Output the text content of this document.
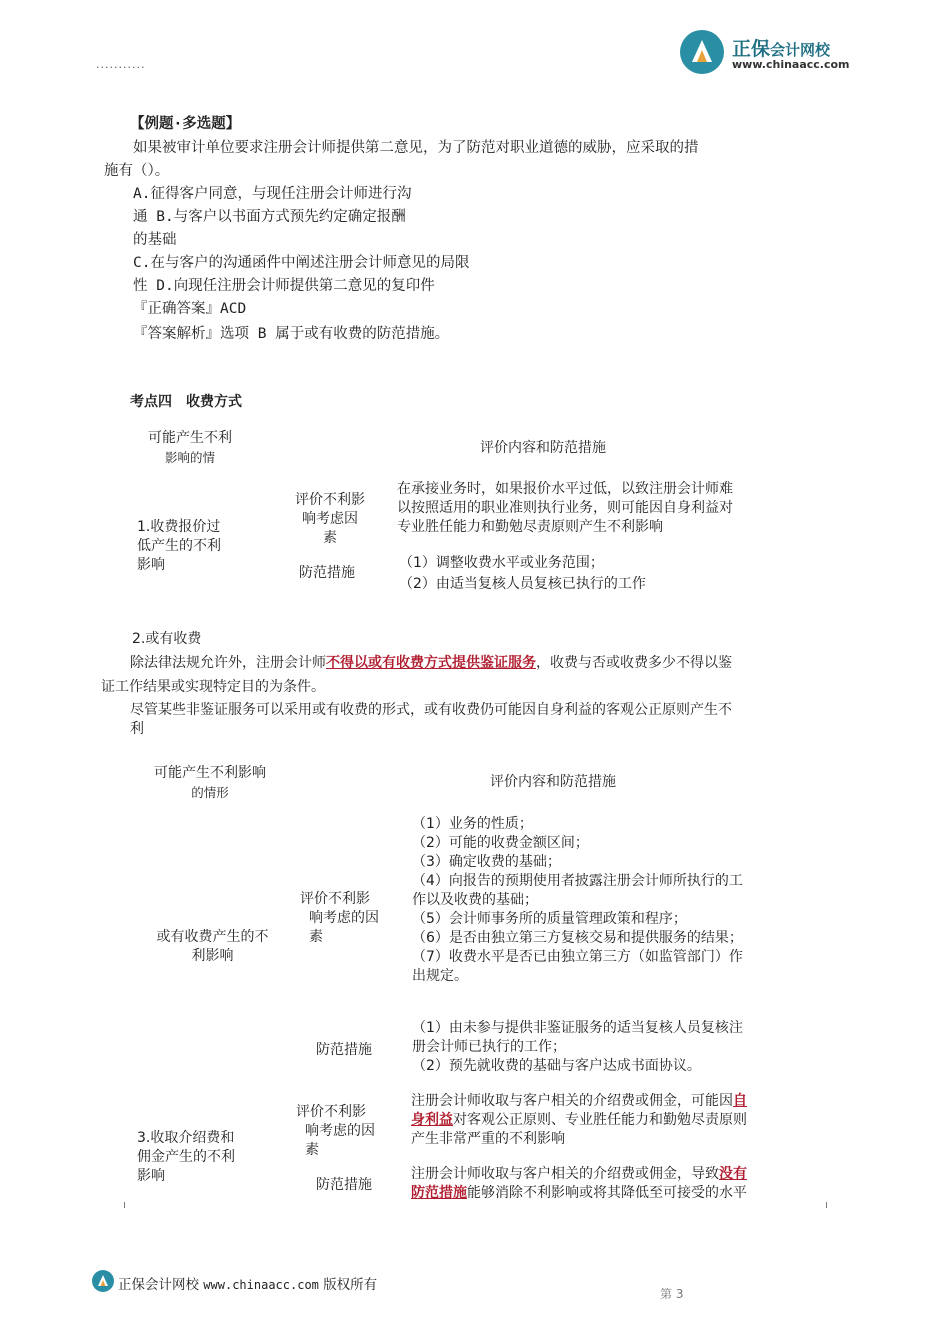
...........
正保会计网校
www.chinaacc.com
【例题·多选题】
如果被审计单位要求注册会计师提供第二意见，为了防范对职业道德的威胁，应采取的措
施有（）。
A.征得客户同意，与现任注册会计师进行沟
通 B.与客户以书面方式预先约定确定报酬
的基础
C.在与客户的沟通函件中阐述注册会计师意见的局限
性 D.向现任注册会计师提供第二意见的复印件
『正确答案』ACD
『答案解析』选项 B 属于或有收费的防范措施。
考点四　收费方式
可能产生不利
影响的情
评价内容和防范措施
1.收费报价过
低产生的不利
影响
评价不利影
响考虑因
素
在承接业务时，如果报价水平过低，以致注册会计师难
以按照适用的职业准则执行业务，则可能因自身利益对
专业胜任能力和勤勉尽责原则产生不利影响
防范措施
（1）调整收费水平或业务范围；
（2）由适当复核人员复核已执行的工作
2.或有收费
除法律法规允许外，注册会计师不得以或有收费方式提供鉴证服务，收费与否或收费多少不得以鉴
证工作结果或实现特定目的为条件。
尽管某些非鉴证服务可以采用或有收费的形式，或有收费仍可能因自身利益的客观公正原则产生不
利
可能产生不利影响
的情形
评价内容和防范措施
或有收费产生的不
利影响
评价不利影
响考虑的因
素
（1）业务的性质；
（2）可能的收费金额区间；
（3）确定收费的基础；
（4）向报告的预期使用者披露注册会计师所执行的工
作以及收费的基础；
（5）会计师事务所的质量管理政策和程序；
（6）是否由独立第三方复核交易和提供服务的结果；
（7）收费水平是否已由独立第三方（如监管部门）作
出规定。
防范措施
（1）由未参与提供非鉴证服务的适当复核人员复核注
册会计师已执行的工作；
（2）预先就收费的基础与客户达成书面协议。
3.收取介绍费和
佣金产生的不利
影响
评价不利影
响考虑的因
素
注册会计师收取与客户相关的介绍费或佣金，可能因自
身利益对客观公正原则、专业胜任能力和勤勉尽责原则
产生非常严重的不利影响
防范措施
注册会计师收取与客户相关的介绍费或佣金，导致没有
防范措施能够消除不利影响或将其降低至可接受的水平
正保会计网校 www.chinaacc.com 版权所有
第 3
